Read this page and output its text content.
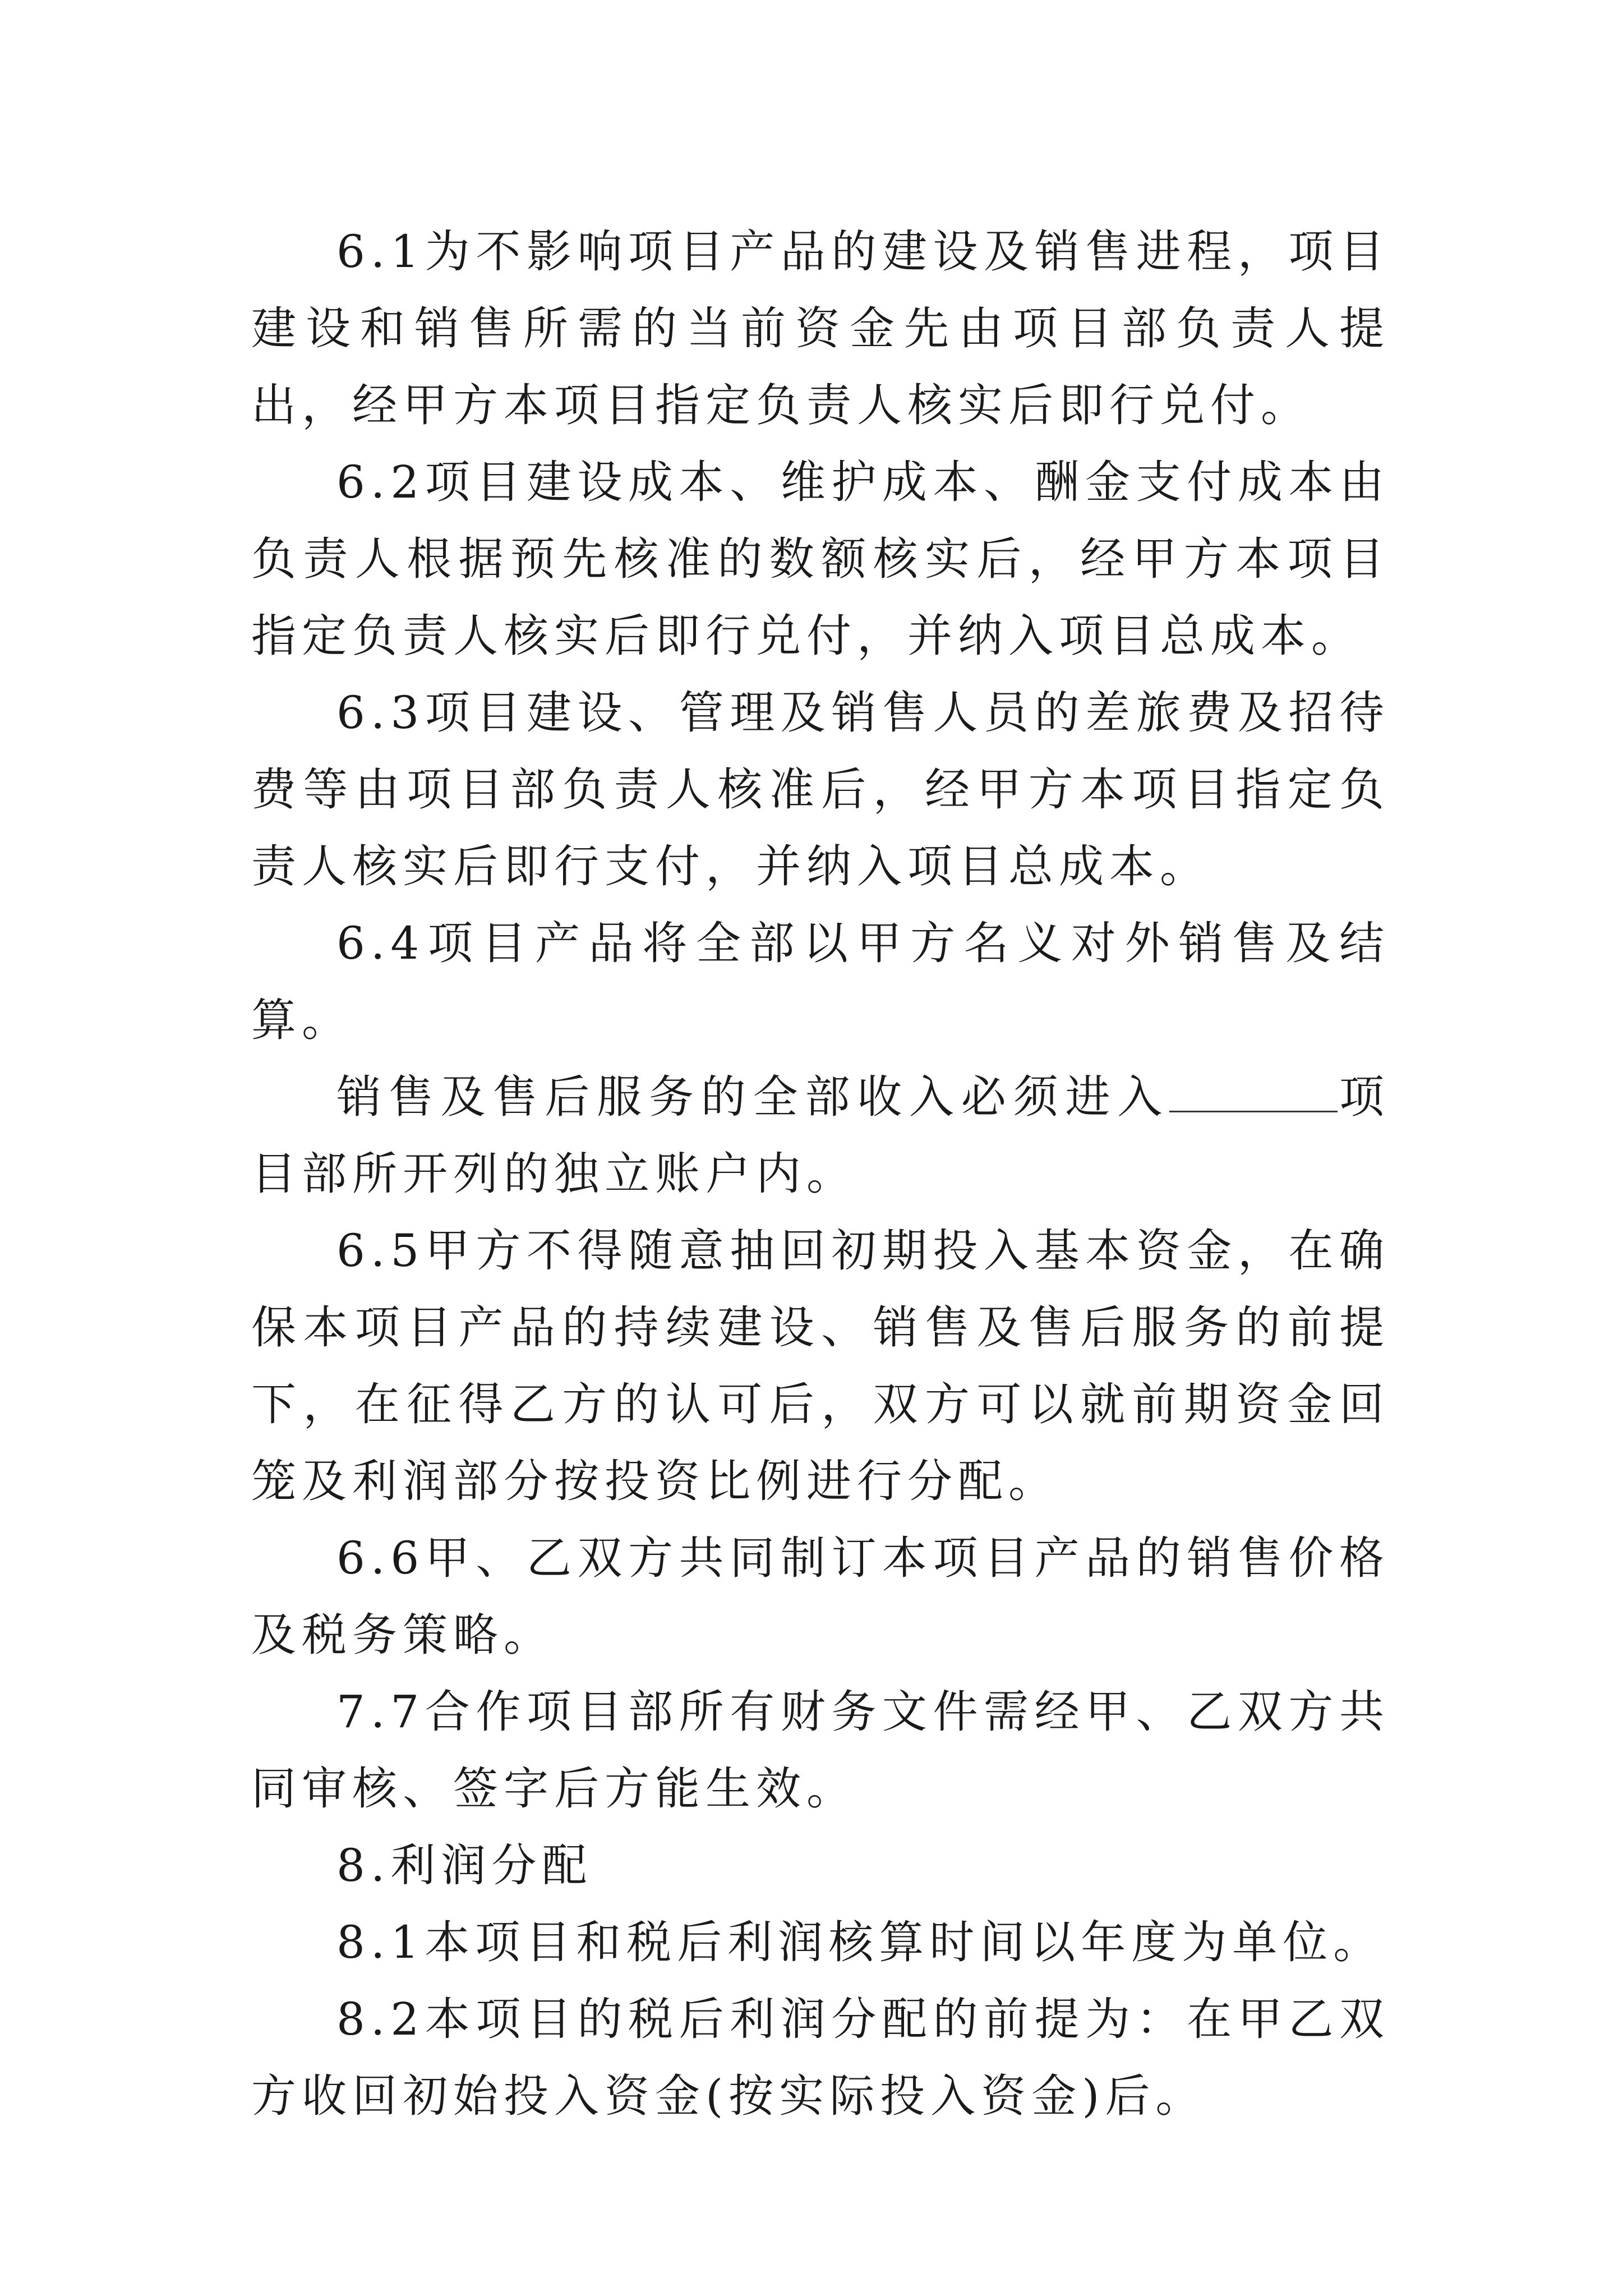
6.1为不影响项目产品的建设及销售进程，项目建设和销售所需的当前资金先由项目部负责人提出，经甲方本项目指定负责人核实后即行兑付。

6.2项目建设成本、维护成本、酬金支付成本由负责人根据预先核准的数额核实后，经甲方本项目指定负责人核实后即行兑付，并纳入项目总成本。

6.3项目建设、管理及销售人员的差旅费及招待费等由项目部负责人核准后，经甲方本项目指定负责人核实后即行支付，并纳入项目总成本。

6.4项目产品将全部以甲方名义对外销售及结算。

销售及售后服务的全部收入必须进入	项目部所开列的独立账户内。

6.5甲方不得随意抽回初期投入基本资金，在确保本项目产品的持续建设、销售及售后服务的前提下，在征得乙方的认可后，双方可以就前期资金回笼及利润部分按投资比例进行分配。

6.6甲、乙双方共同制订本项目产品的销售价格及税务策略。

7.7合作项目部所有财务文件需经甲、乙双方共同审核、签字后方能生效。

8.利润分配

8.1本项目和税后利润核算时间以年度为单位。

8.2本项目的税后利润分配的前提为：在甲乙双方收回初始投入资金(按实际投入资金)后。
